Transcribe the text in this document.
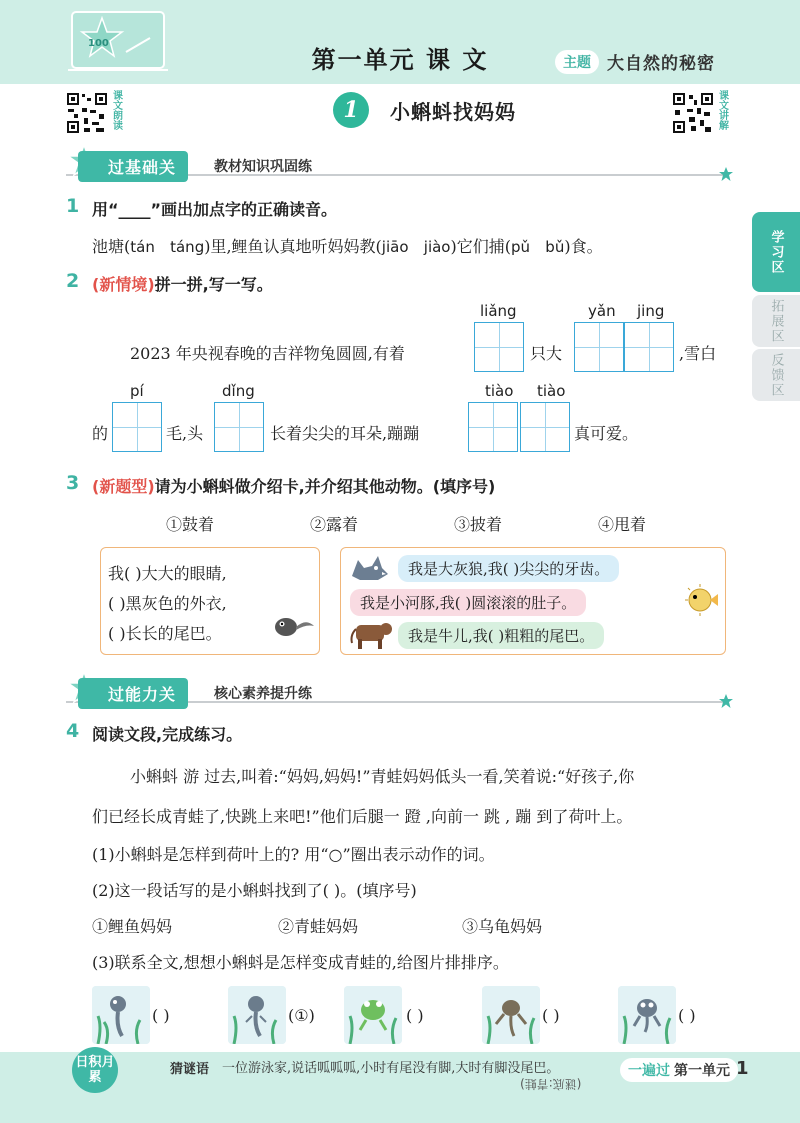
100
第一单元 课 文	主题 大自然的秘密
课文朗读
课文讲解
1	小蝌蚪找妈妈
学习区
拓展区
反馈区
过基础关	教材知识巩固练
1 用“____”画出加点字的正确读音。
池塘(tán táng)里,鲤鱼认真地听妈妈教(jiāo jiào)它们捕(pǔ bǔ)食。
2 (新情境)拼一拼,写一写。
liǎng	yǎn jing
2023 年央视春晚的吉祥物兔圆圆,有着	只大	,雪白
pí	dǐng	tiào tiào
的	毛,头	长着尖尖的耳朵,蹦蹦	真可爱。
3 (新题型)请为小蝌蚪做介绍卡,并介绍其他动物。(填序号)
①鼓着	②露着	③披着	④甩着
我( )大大的眼睛,
( )黑灰色的外衣,
( )长长的尾巴。
我是大灰狼,我( )尖尖的牙齿。
我是小河豚,我( )圆滚滚的肚子。
我是牛儿,我( )粗粗的尾巴。
过能力关	核心素养提升练
4 阅读文段,完成练习。
小蝌蚪 游 过去,叫着:“妈妈,妈妈!”青蛙妈妈低头一看,笑着说:“好孩子,你
们已经长成青蛙了,快跳上来吧!”他们后腿一 蹬 ,向前一 跳 , 蹦 到了荷叶上。
(1)小蝌蚪是怎样到荷叶上的? 用“○”圈出表示动作的词。
(2)这一段话写的是小蝌蚪找到了( )。(填序号)
①鲤鱼妈妈	②青蛙妈妈	③乌龟妈妈
(3)联系全文,想想小蝌蚪是怎样变成青蛙的,给图片排排序。
( )	(①)	( )	( )	( )
日积月累
猜谜语 一位游泳家,说话呱呱呱,小时有尾没有脚,大时有脚没尾巴。
(谜底:青蛙)
一遍过 第一单元 1
